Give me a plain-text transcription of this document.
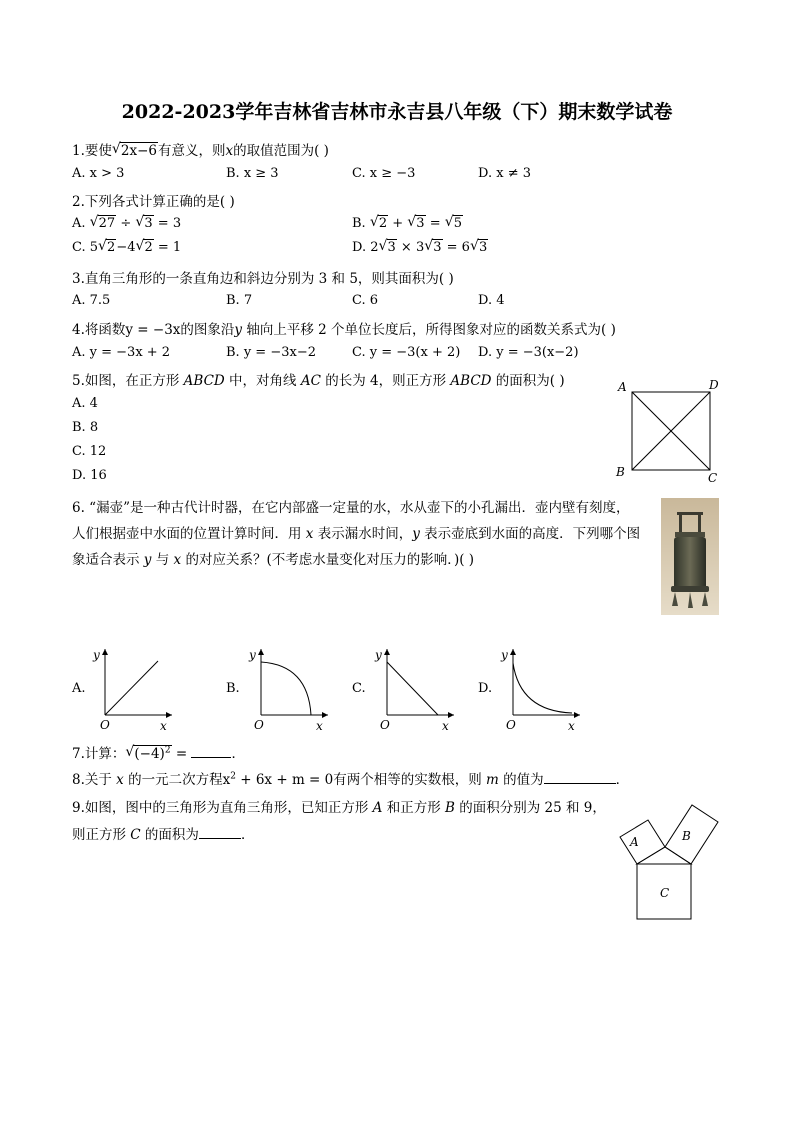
2022-2023学年吉林省吉林市永吉县八年级（下）期末数学试卷
1.要使 √ 2x−6有意义，则x的取值范围为( )
A. x > 3	B. x ≥ 3	C. x ≥ −3	D. x ≠ 3
2.下列各式计算正确的是( )
A. √ 27 ÷ √ 3 = 3	B. √ 2 + √ 3 = √ 5
C. 5 √ 2−4 √ 2 = 1	D. 2 √ 3 × 3 √ 3 = 6 √ 3
3.直角三角形的一条直角边和斜边分别为 3 和 5，则其面积为( )
A. 7.5	B. 7	C. 6	D. 4
4.将函数y = −3x的图象沿y 轴向上平移 2 个单位长度后，所得图象对应的函数关系式为( )
A. y = −3x + 2	B. y = −3x−2	C. y = −3(x + 2) D. y = −3(x−2)
5.如图，在正方形 ABCD 中，对角线 AC 的长为 4，则正方形 ABCD 的面积为( )
A. 4
B. 8
C. 12
D. 16
A	D
B	C
6. “漏壶”是一种古代计时器，在它内部盛一定量的水，水从壶下的小孔漏出．壶内壁有刻度，
人们根据壶中水面的位置计算时间．用 x 表示漏水时间，y 表示壶底到水面的高度．下列哪个图
象适合表示 y 与 x 的对应关系？(不考虑水量变化对压力的影响．)( )
A.
y
x
O
B.
y
x
O
C.
y
x
O
D.
y
x
O
7.计算： √ $(-4)^2$ =	．
8.关于 x 的一元二次方程$x^2 + 6x + m = 0$有两个相等的实数根，则 m 的值为	．
9.如图，图中的三角形为直角三角形，已知正方形 A 和正方形 B 的面积分别为 25 和 9，
则正方形 C 的面积为	．	A	B
C
